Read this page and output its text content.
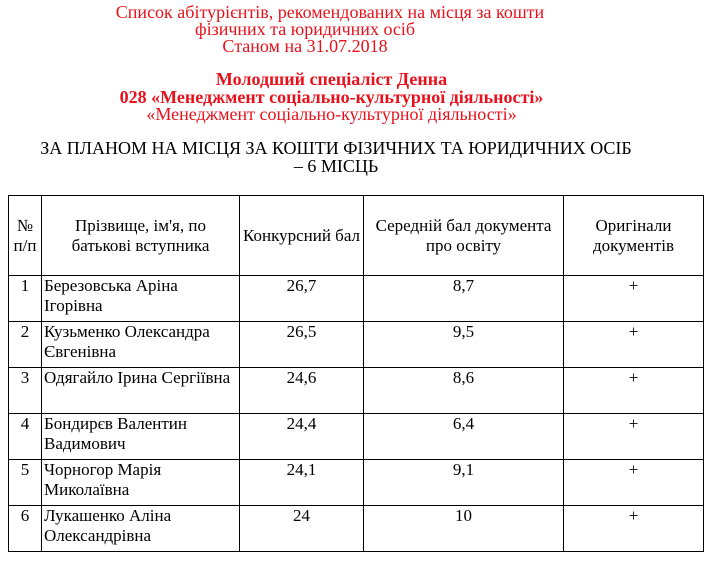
Список абітурієнтів, рекомендованих на місця за кошти
фізичних та юридичних осіб
Станом на 31.07.2018
Молодший спеціаліст Денна
028 «Менеджмент соціально-культурної діяльності»
«Менеджмент соціально-культурної діяльності»
ЗА ПЛАНОМ НА МІСЦЯ ЗА КОШТИ ФІЗИЧНИХ ТА ЮРИДИЧНИХ ОСІБ
– 6 МІСЦЬ
№ п/п	Прізвище, ім'я, по батькові вступника	Конкурсний бал	Середній бал документа про освіту	Оригінали документів
1	Березовська Аріна Ігорівна	26,7	8,7	+
2	Кузьменко Олександра Євгенівна	26,5	9,5	+
3	Одягайло Ірина Сергіївна	24,6	8,6	+
4	Бондирєв Валентин Вадимович	24,4	6,4	+
5	Чорногор Марія Миколаївна	24,1	9,1	+
6	Лукашенко Аліна Олександрівна	24	10	+
